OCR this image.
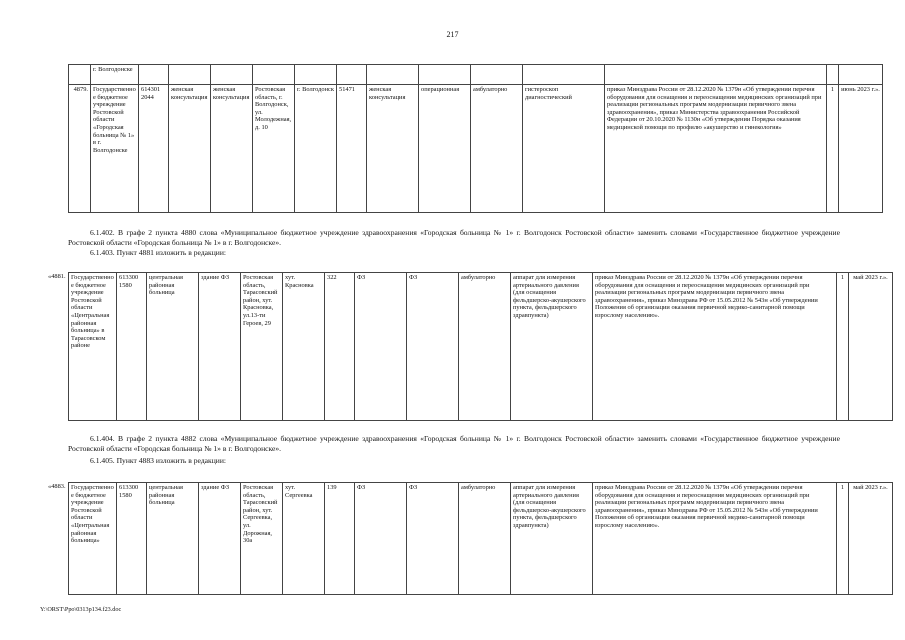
217
	г. Волгодонске													
4879.	Государственное бюджетное учреждение Ростовской области «Городская больница № 1» в г. Волгодонске	614301 2044	женская консультация	женская консультация	Ростовская область, г. Волгодонск, ул. Молодежная, д. 10	г. Волгодонск	51471	женская консультация	операционная	амбулаторно	гистероскоп диагностический	приказ Минздрава России от 28.12.2020 № 1379н «Об утверждении перечня оборудования для оснащения и переоснащения медицинских организаций при реализации региональных программ модернизации первичного звена здравоохранения», приказ Министерства здравоохранения Российской Федерации от 20.10.2020 № 1130н «Об утверждении Порядка оказания медицинской помощи по профилю «акушерство и гинекология»	1	июнь 2023 г.».
6.1.402. В графе 2 пункта 4880 слова «Муниципальное бюджетное учреждение здравоохранения «Городская больница № 1» г. Волгодонск Ростовской области» заменить словами «Государственное бюджетное учреждение Ростовской области «Городская больница № 1» в г. Волгодонске».
6.1.403. Пункт 4881 изложить в редакции:
«4881. Государственное бюджетное учреждение Ростовской области «Центральная районная больница» в Тарасовском районе	613300 1580	центральная районная больница	здание ФЗ	Ростовская область, Тарасовский район, хут. Красновка, ул.13-ти Героев, 29	хут. Красновка	322	ФЗ	ФЗ	амбулаторно	аппарат для измерения артериального давления (для оснащения фельдшерско-акушерского пункта, фельдшерского здравпункта)	приказ Минздрава России от 28.12.2020 № 1379н «Об утверждении перечня оборудования для оснащения и переоснащения медицинских организаций при реализации региональных программ модернизации первичного звена здравоохранения», приказ Минздрава РФ от 15.05.2012 № 543н «Об утверждении Положения об организации оказания первичной медико-санитарной помощи взрослому населению».	1	май 2023 г.».
6.1.404. В графе 2 пункта 4882 слова «Муниципальное бюджетное учреждение здравоохранения «Городская больница № 1» г. Волгодонск Ростовской области» заменить словами «Государственное бюджетное учреждение Ростовской области «Городская больница № 1» в г. Волгодонске».
6.1.405. Пункт 4883 изложить в редакции:
«4883. Государственное бюджетное учреждение Ростовской области «Центральная районная больница»	613300 1580	центральная районная больница	здание ФЗ	Ростовская область, Тарасовский район, хут. Сергеевка, ул. Дорожная, 30а	хут. Сергеевка	139	ФЗ	ФЗ	амбулаторно	аппарат для измерения артериального давления (для оснащения фельдшерско-акушерского пункта, фельдшерского здравпункта)	приказ Минздрава России от 28.12.2020 № 1379н «Об утверждении перечня оборудования для оснащения и переоснащения медицинских организаций при реализации региональных программ модернизации первичного звена здравоохранения», приказ Минздрава РФ от 15.05.2012 № 543н «Об утверждении Положения об организации оказания первичной медико-санитарной помощи взрослому населению».	1	май 2023 г.».
Y:\ORST\Ppo\0313p134.f23.doc
